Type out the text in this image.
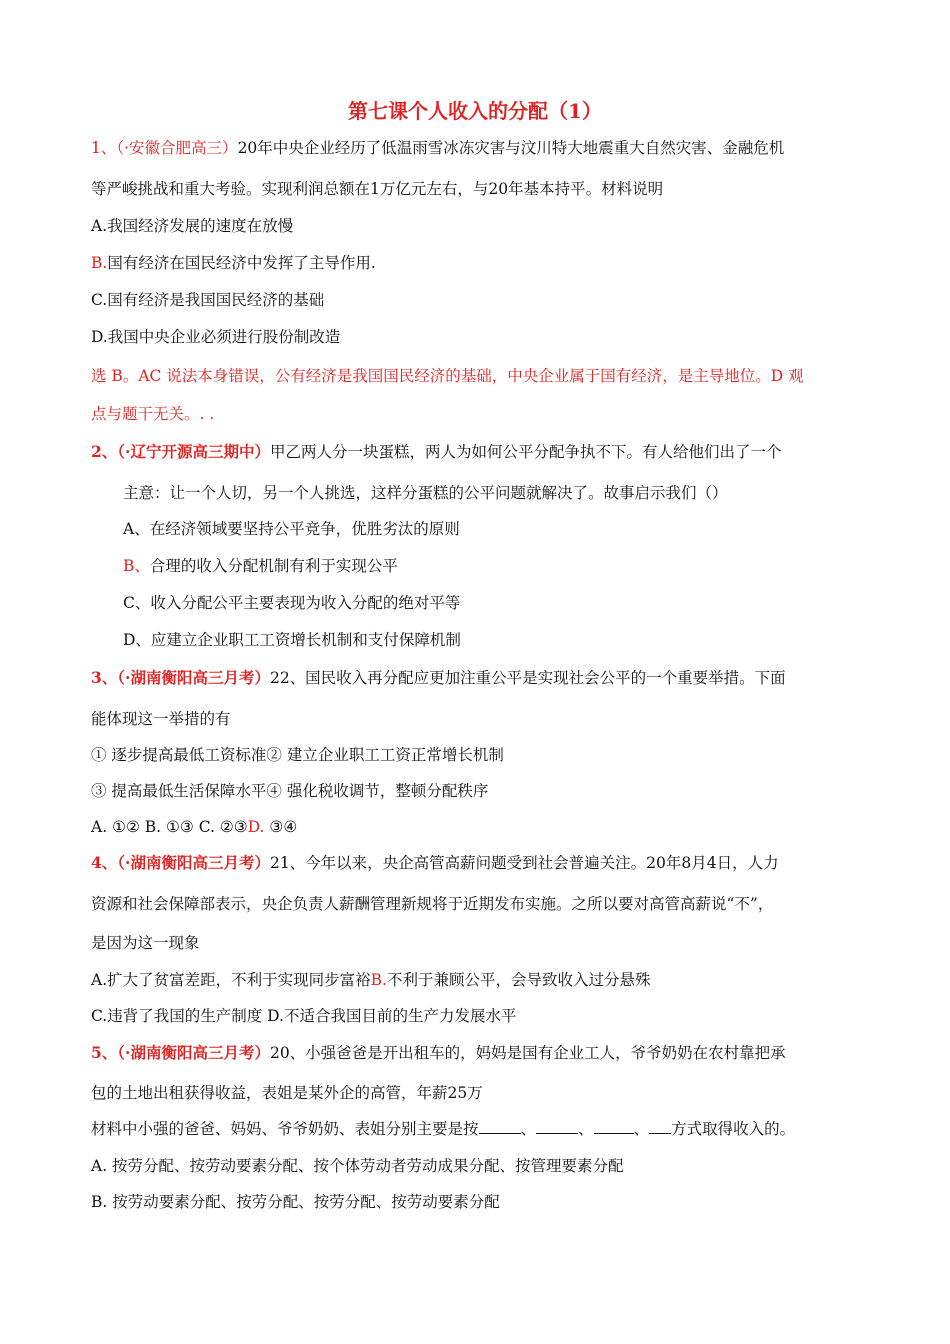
第七课个人收入的分配（1）
1、（·安徽合肥高三）20年中央企业经历了低温雨雪冰冻灾害与汶川特大地震重大自然灾害、金融危机
等严峻挑战和重大考验。实现利润总额在1万亿元左右，与20年基本持平。材料说明
A.我国经济发展的速度在放慢
B.国有经济在国民经济中发挥了主导作用.
C.国有经济是我国国民经济的基础
D.我国中央企业必须进行股份制改造
选 B。AC 说法本身错误，公有经济是我国国民经济的基础，中央企业属于国有经济，是主导地位。D 观
点与题干无关。. .
2、（·辽宁开源高三期中）甲乙两人分一块蛋糕，两人为如何公平分配争执不下。有人给他们出了一个
主意：让一个人切，另一个人挑选，这样分蛋糕的公平问题就解决了。故事启示我们（）
A、在经济领域要坚持公平竞争，优胜劣汰的原则
B、合理的收入分配机制有利于实现公平
C、收入分配公平主要表现为收入分配的绝对平等
D、应建立企业职工工资增长机制和支付保障机制
3、（·湖南衡阳高三月考）22、国民收入再分配应更加注重公平是实现社会公平的一个重要举措。下面
能体现这一举措的有
① 逐步提高最低工资标准② 建立企业职工工资正常增长机制
③ 提高最低生活保障水平④ 强化税收调节，整顿分配秩序
A. ①② B. ①③ C. ②③D. ③④
4、（·湖南衡阳高三月考）21、今年以来，央企高管高薪问题受到社会普遍关注。20年8月4日，人力
资源和社会保障部表示，央企负责人薪酬管理新规将于近期发布实施。之所以要对高管高薪说“不”，
是因为这一现象
A.扩大了贫富差距，不利于实现同步富裕B.不利于兼顾公平，会导致收入过分悬殊
C.违背了我国的生产制度 D.不适合我国目前的生产力发展水平
5、（·湖南衡阳高三月考）20、小强爸爸是开出租车的，妈妈是国有企业工人，爷爷奶奶在农村靠把承
包的土地出租获得收益，表姐是某外企的高管，年薪25万
材料中小强的爸爸、妈妈、爷爷奶奶、表姐分别主要是按	、	、	、 方式取得收入的。
A. 按劳分配、按劳动要素分配、按个体劳动者劳动成果分配、按管理要素分配
B. 按劳动要素分配、按劳分配、按劳分配、按劳动要素分配
